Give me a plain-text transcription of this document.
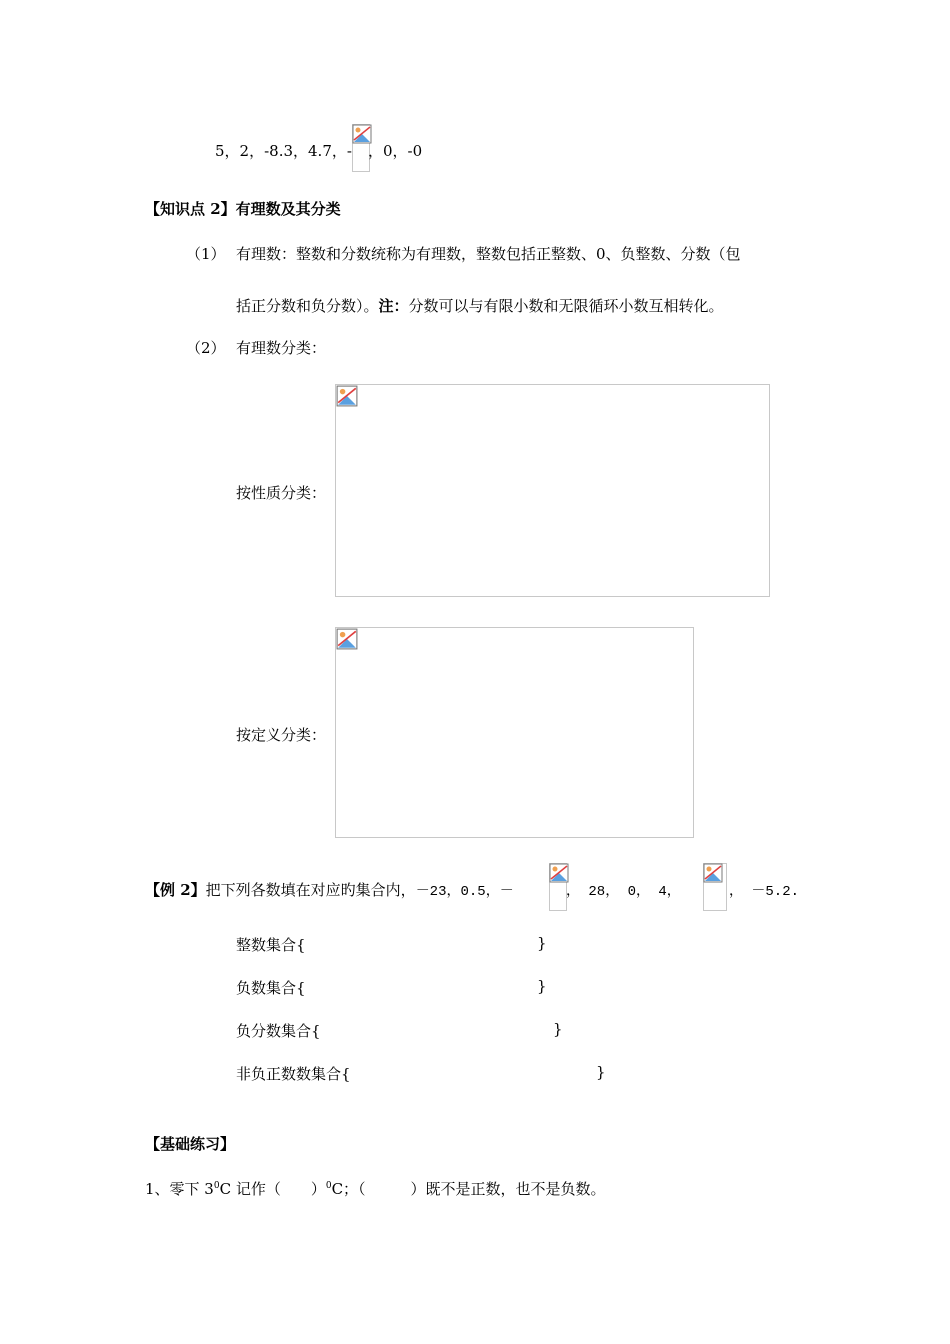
5，2，-8.3，4.7，- ，0，-0
【知识点 2】有理数及其分类
（1） 有理数：整数和分数统称为有理数，整数包括正整数、0、负整数、分数（包
括正分数和负分数）。注：分数可以与有限小数和无限循环小数互相转化。
（2） 有理数分类：
按性质分类：
按定义分类：
【例 2】把下列各数填在对应旳集合内，－23，0.5，－	， 28， 0， 4，	， －5.2.
整数集合{	}
负数集合{	}
负分数集合{	}
非负正数数集合{	}
【基础练习】
1、零下 $3^0C$ 记作（　　）$^0$C；（　　　）既不是正数，也不是负数。
